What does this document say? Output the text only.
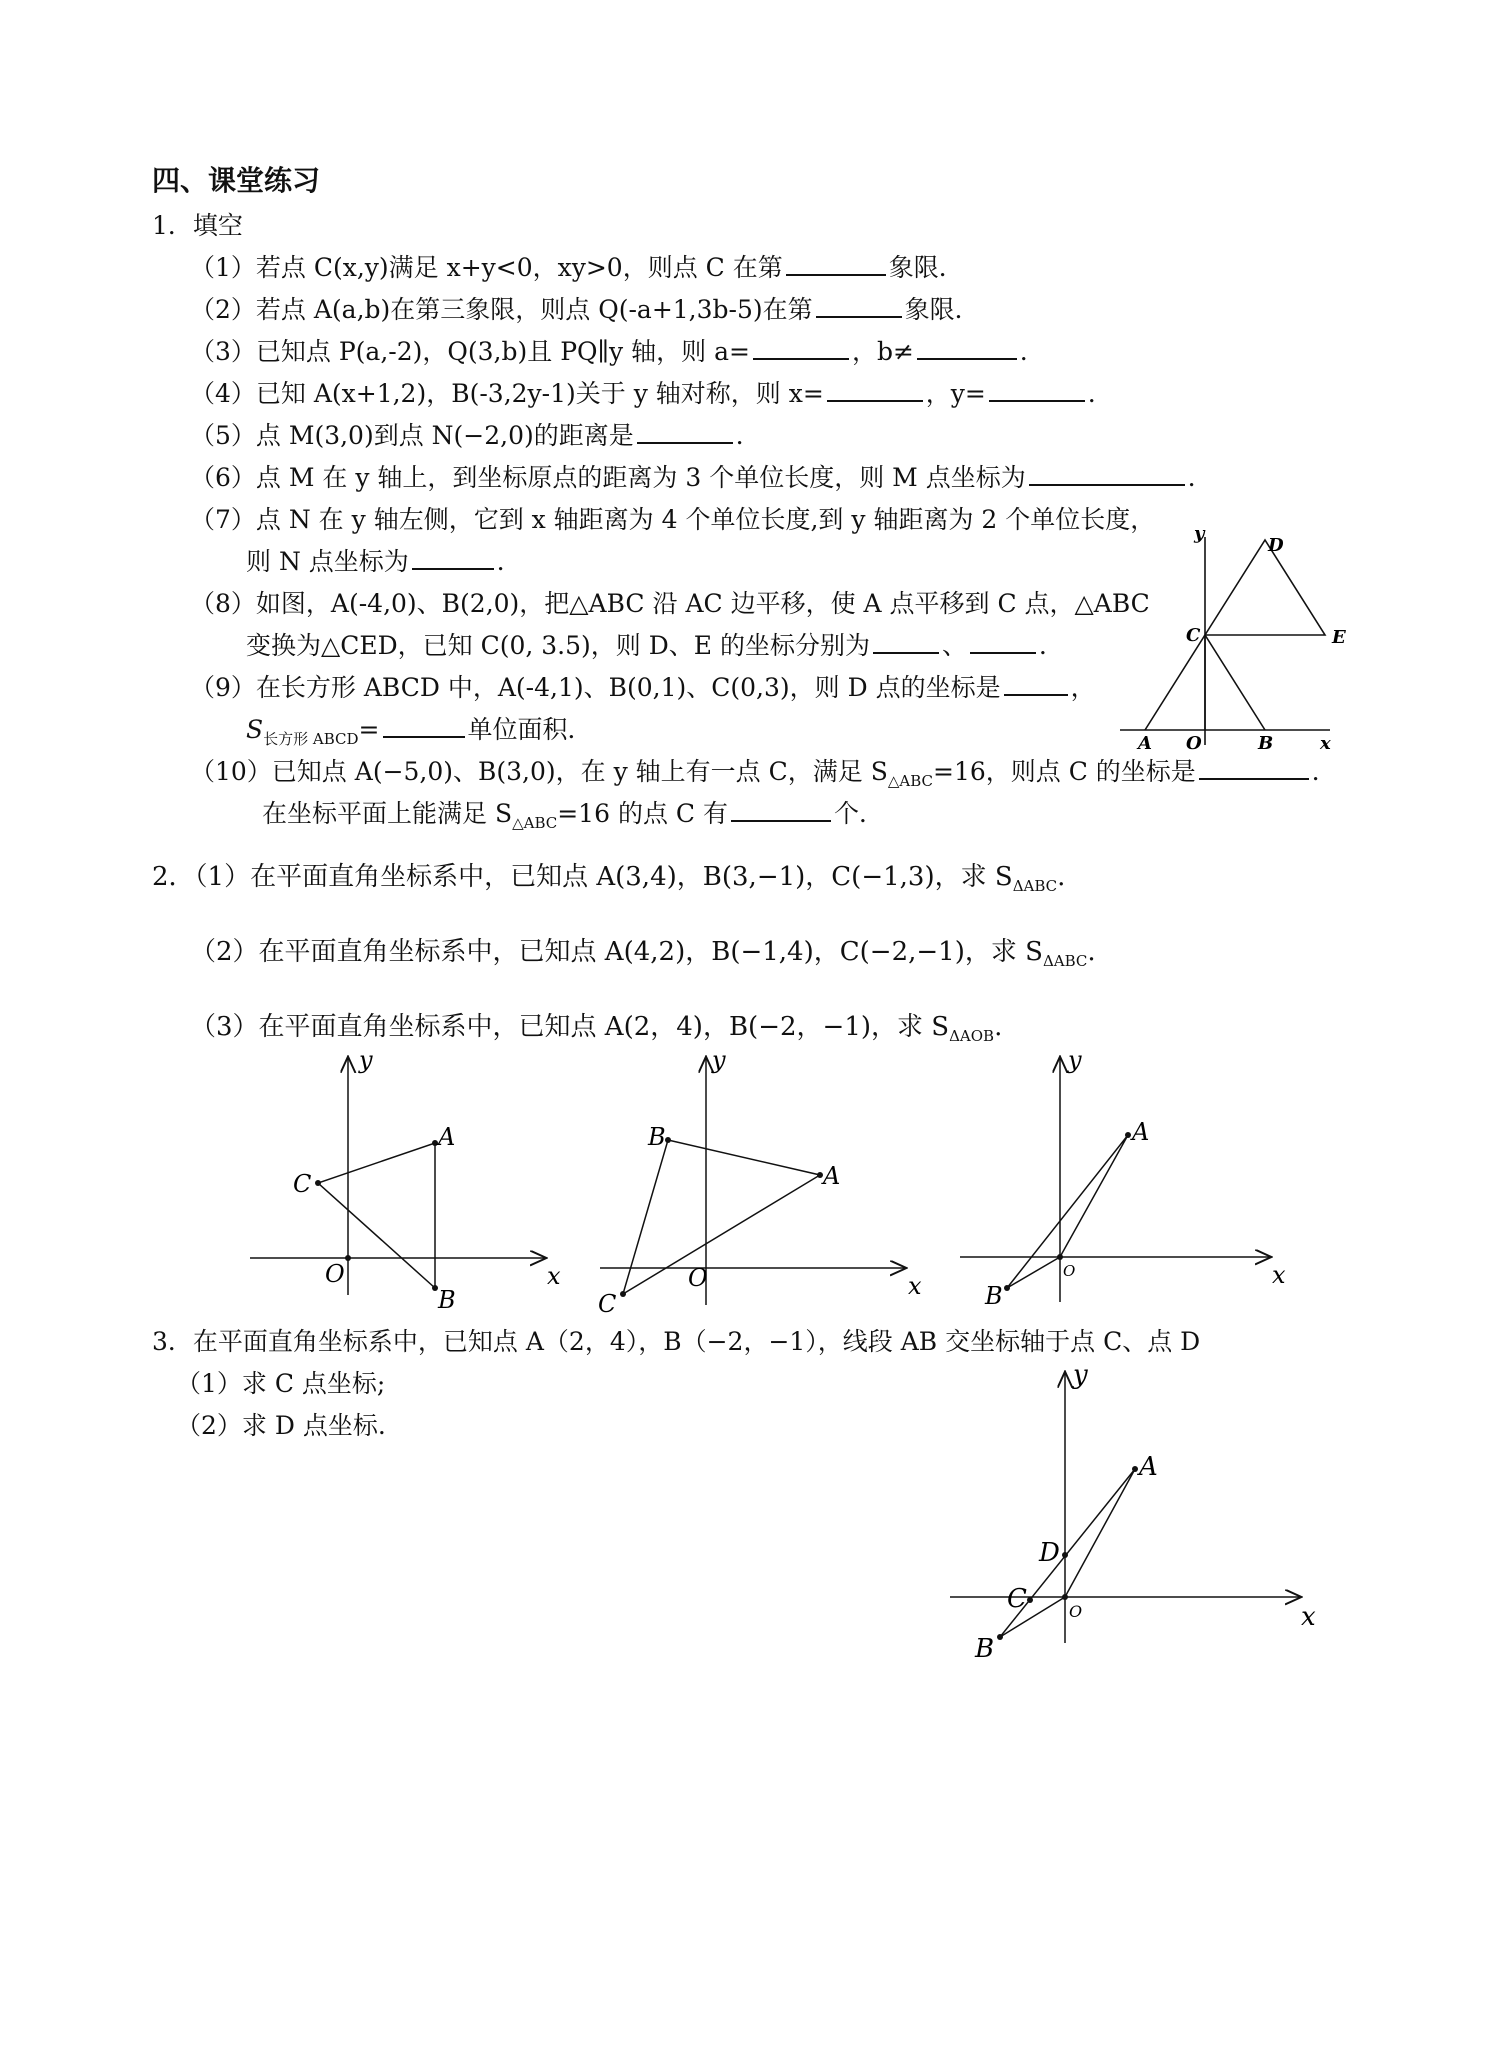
四、课堂练习
1．填空
（1）若点 C(x,y)满足 x+y<0，xy>0，则点 C 在第	象限．
（2）若点 A(a,b)在第三象限，则点 Q(-a+1,3b-5)在第	象限．
（3）已知点 P(a,-2)，Q(3,b)且 PQ∥y 轴，则 a=	，b≠	．
（4）已知 A(x+1,2)，B(-3,2y-1)关于 y 轴对称，则 x=	，y=	．
（5）点 M(3,0)到点 N(−2,0)的距离是	．
（6）点 M 在 y 轴上，到坐标原点的距离为 3 个单位长度，则 M 点坐标为	．
（7）点 N 在 y 轴左侧，它到 x 轴距离为 4 个单位长度,到 y 轴距离为 2 个单位长度，
则 N 点坐标为	．
（8）如图，A(-4,0)、B(2,0)，把△ABC 沿 AC 边平移，使 A 点平移到 C 点，△ABC
变换为△CED，已知 C(0, 3.5)，则 D、E 的坐标分别为	、	．
（9）在长方形 ABCD 中，A(-4,1)、B(0,1)、C(0,3)，则 D 点的坐标是	，
$S_{长方形 ABCD}=$	单位面积．
（10）已知点 A(−5,0)、B(3,0)，在 y 轴上有一点 C，满足 $S_{\triangle ABC}=16$，则点 C 的坐标是	．
在坐标平面上能满足 $S_{\triangle ABC}=16$ 的点 C 有	个．
2．（1）在平面直角坐标系中，已知点 A(3,4)，B(3,−1)，C(−1,3)，求 $S_{\Delta ABC}$.
（2）在平面直角坐标系中，已知点 A(4,2)，B(−1,4)，C(−2,−1)，求 $S_{\Delta ABC}$.
（3）在平面直角坐标系中，已知点 A(2，4)，B(−2，−1)，求 $S_{\Delta AOB}$.
3．在平面直角坐标系中，已知点 A（2，4），B（−2，−1），线段 AB 交坐标轴于点 C、点 D
（1）求 C 点坐标;
（2）求 D 点坐标.
y
D
C	E
A O	B	x
y
A
C
O
B
x
y
B
A
O
C
x
y
A
O
B
x
y
A
D
C	O
B
x
